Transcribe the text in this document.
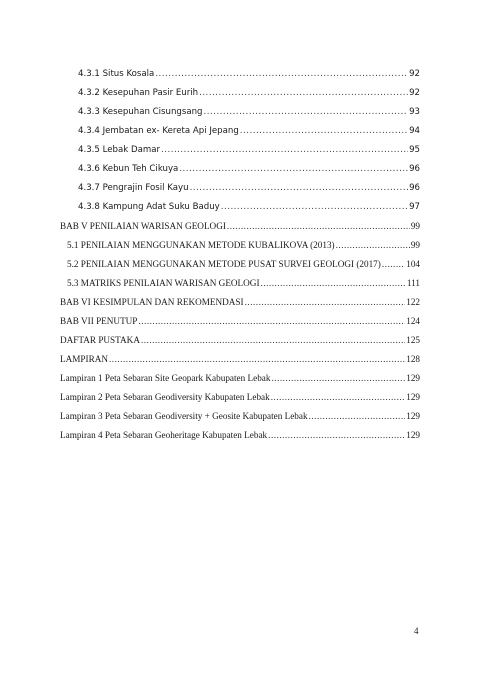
4.3.1 Situs Kosala .....	92
4.3.2 Kesepuhan Pasir Eurih .....	92
4.3.3 Kesepuhan Cisungsang .....	93
4.3.4 Jembatan ex- Kereta Api Jepang .....	94
4.3.5 Lebak Damar .....	95
4.3.6 Kebun Teh Cikuya .....	96
4.3.7 Pengrajin Fosil Kayu .....	96
4.3.8 Kampung Adat Suku Baduy .....	97
BAB V PENILAIAN WARISAN GEOLOGI .....	99
5.1 PENILAIAN MENGGUNAKAN METODE KUBALIKOVA (2013) .....	99
5.2 PENILAIAN MENGGUNAKAN METODE PUSAT SURVEI GEOLOGI (2017) .....	104
5.3 MATRIKS PENILAIAN WARISAN GEOLOGI .....	111
BAB VI KESIMPULAN DAN REKOMENDASI .....	122
BAB VII PENUTUP .....	124
DAFTAR PUSTAKA .....	125
LAMPIRAN .....	128
Lampiran 1 Peta Sebaran Site Geopark Kabupaten Lebak .....	129
Lampiran 2 Peta Sebaran Geodiversity Kabupaten Lebak .....	129
Lampiran 3 Peta Sebaran Geodiversity + Geosite Kabupaten Lebak .....	129
Lampiran 4 Peta Sebaran Geoheritage Kabupaten Lebak .....	129
4
